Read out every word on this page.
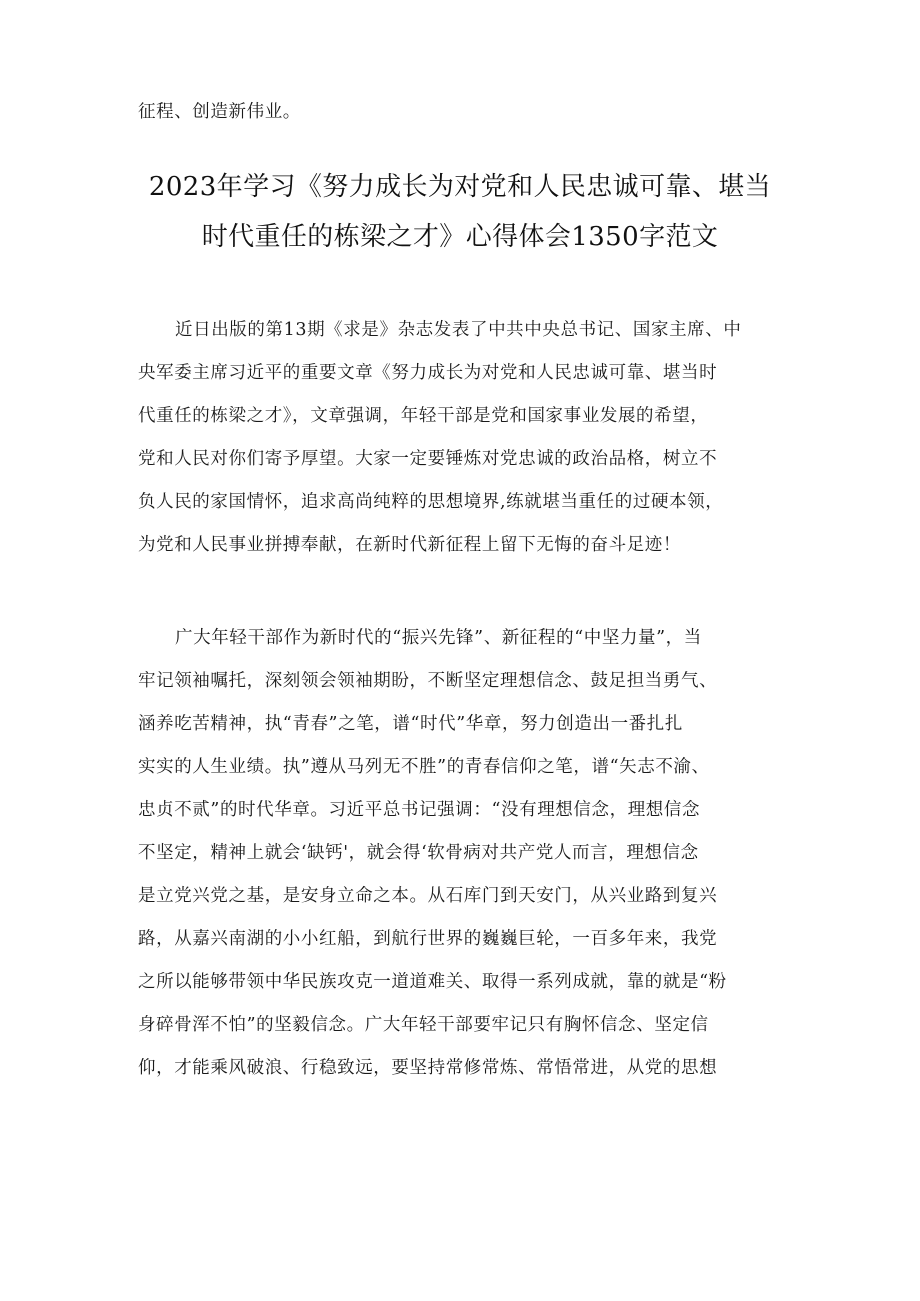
征程、创造新伟业。
2023年学习《努力成长为对党和人民忠诚可靠、堪当
时代重任的栋梁之才》心得体会1350字范文
近日出版的第13期《求是》杂志发表了中共中央总书记、国家主席、中
央军委主席习近平的重要文章《努力成长为对党和人民忠诚可靠、堪当时
代重任的栋梁之才》，文章强调，年轻干部是党和国家事业发展的希望，
党和人民对你们寄予厚望。大家一定要锤炼对党忠诚的政治品格，树立不
负人民的家国情怀，追求高尚纯粹的思想境界,练就堪当重任的过硬本领，
为党和人民事业拼搏奉献，在新时代新征程上留下无悔的奋斗足迹！
广大年轻干部作为新时代的“振兴先锋”、新征程的“中坚力量”，当
牢记领袖嘱托，深刻领会领袖期盼，不断坚定理想信念、鼓足担当勇气、
涵养吃苦精神，执“青春”之笔，谱“时代”华章，努力创造出一番扎扎
实实的人生业绩。执”遵从马列无不胜”的青春信仰之笔，谱“矢志不渝、
忠贞不贰”的时代华章。习近平总书记强调：“没有理想信念，理想信念
不坚定，精神上就会‘缺钙'，就会得‘软骨病对共产党人而言，理想信念
是立党兴党之基，是安身立命之本。从石库门到天安门，从兴业路到复兴
路，从嘉兴南湖的小小红船，到航行世界的巍巍巨轮，一百多年来，我党
之所以能够带领中华民族攻克一道道难关、取得一系列成就，靠的就是“粉
身碎骨浑不怕”的坚毅信念。广大年轻干部要牢记只有胸怀信念、坚定信
仰，才能乘风破浪、行稳致远，要坚持常修常炼、常悟常进，从党的思想
